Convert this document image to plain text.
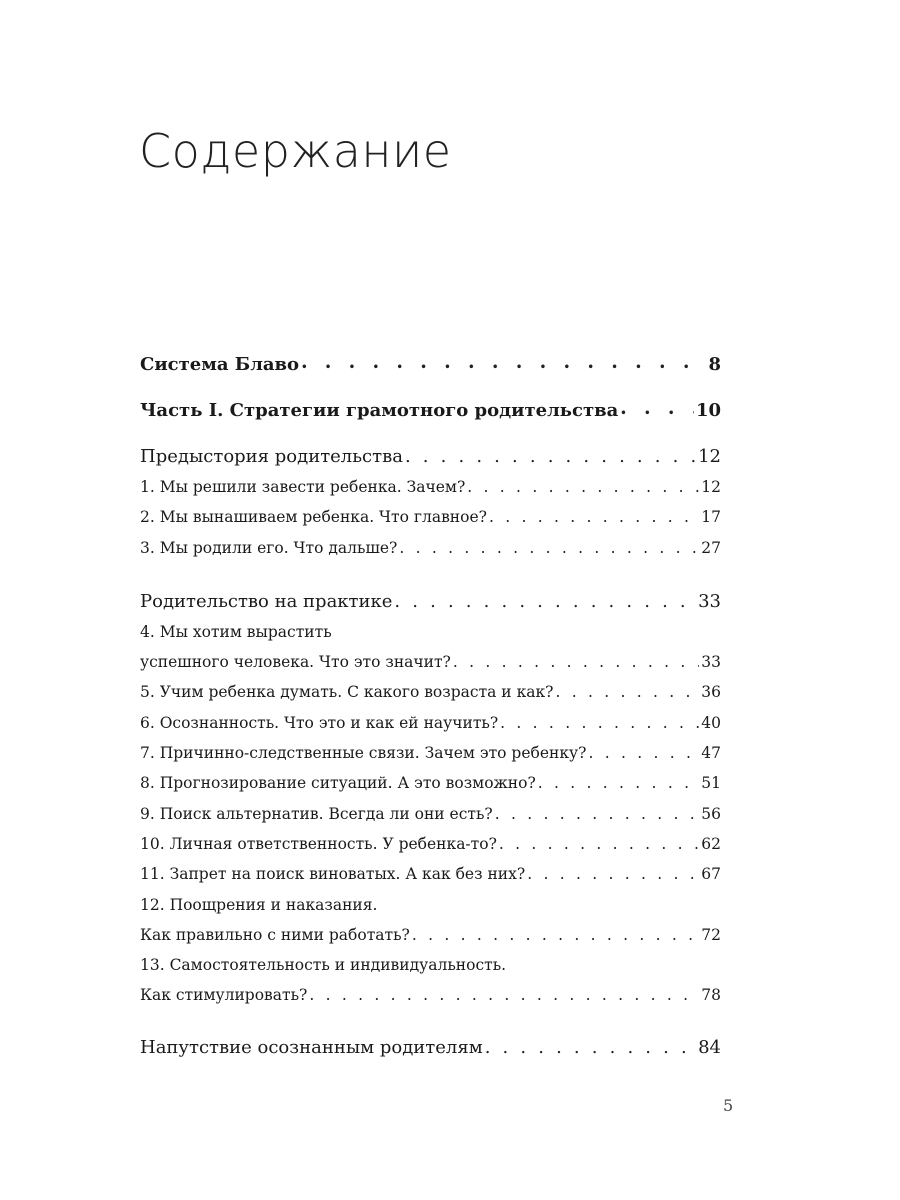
Содержание
Система Блаво • • •	8
Часть I. Стратегии грамотного родительства • • •	10
Предыстория родительства . . .	12
1. Мы решили завести ребенка. Зачем? . . .	12
2. Мы вынашиваем ребенка. Что главное? . . .	17
3. Мы родили его. Что дальше? . . .	27
Родительство на практике . . .	33
4. Мы хотим вырастить
успешного человека. Что это значит? . . .	33
5. Учим ребенка думать. С какого возраста и как? . . .	36
6. Осознанность. Что это и как ей научить? . . .	40
7. Причинно-следственные связи. Зачем это ребенку? . . .	47
8. Прогнозирование ситуаций. А это возможно? . . .	51
9. Поиск альтернатив. Всегда ли они есть? . . .	56
10. Личная ответственность. У ребенка-то? . . .	62
11. Запрет на поиск виноватых. А как без них? . . .	67
12. Поощрения и наказания.
Как правильно с ними работать? . . .	72
13. Самостоятельность и индивидуальность.
Как стимулировать? . . .	78
Напутствие осознанным родителям . . .	84
5
